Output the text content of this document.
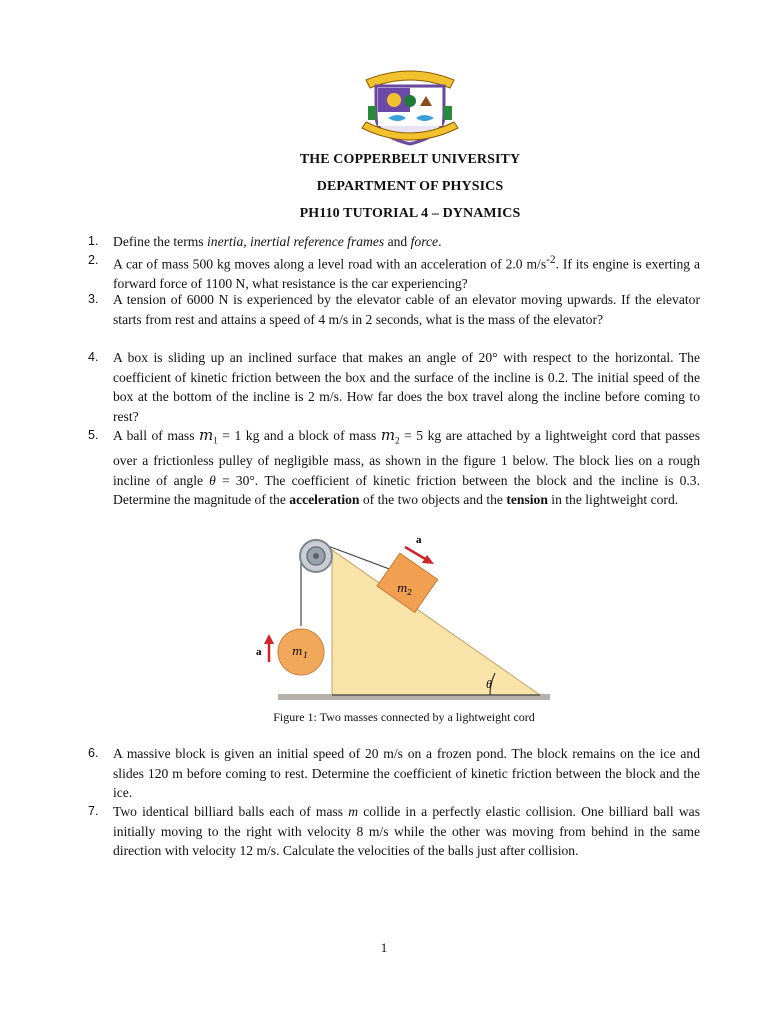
THE COPPERBELT UNIVERSITY
DEPARTMENT OF PHYSICS
PH110 TUTORIAL 4 – DYNAMICS
1.	Define the terms inertia, inertial reference frames and force.
2.	A car of mass 500 kg moves along a level road with an acceleration of 2.0 $m/s^{-2}$. If its engine is exerting a forward force of 1100 N, what resistance is the car experiencing?
3.	A tension of 6000 N is experienced by the elevator cable of an elevator moving upwards. If the elevator starts from rest and attains a speed of 4 m/s in 2 seconds, what is the mass of the elevator?
4.	A box is sliding up an inclined surface that makes an angle of 20° with respect to the horizontal. The coefficient of kinetic friction between the box and the surface of the incline is 0.2. The initial speed of the box at the bottom of the incline is 2 m/s. How far does the box travel along the incline before coming to rest?
5.	A ball of mass $m_1 = 1$ kg and a block of mass $m_2 = 5$ kg are attached by a lightweight cord that passes over a frictionless pulley of negligible mass, as shown in the figure 1 below. The block lies on a rough incline of angle θ = 30°. The coefficient of kinetic friction between the block and the incline is 0.3. Determine the magnitude of the acceleration of the two objects and the tension in the lightweight cord.
θ
m 2
a
m 1
a
Figure 1: Two masses connected by a lightweight cord
6.	A massive block is given an initial speed of 20 m/s on a frozen pond. The block remains on the ice and slides 120 m before coming to rest. Determine the coefficient of kinetic friction between the block and the ice.
7.	Two identical billiard balls each of mass m collide in a perfectly elastic collision. One billiard ball was initially moving to the right with velocity 8 m/s while the other was moving from behind in the same direction with velocity 12 m/s. Calculate the velocities of the balls just after collision.
1
